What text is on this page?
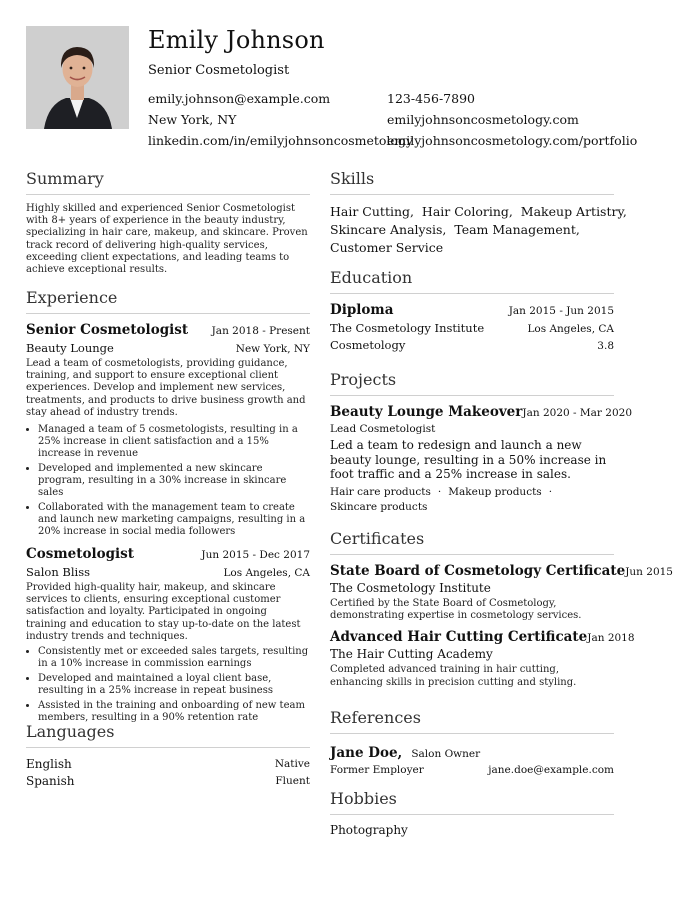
Emily Johnson
Senior Cosmetologist
emily.johnson@example.com	123-456-7890
New York, NY	emilyjohnsoncosmetology.com
linkedin.com/in/emilyjohnsoncosmetology
emilyjohnsoncosmetology.com/portfolio
Summary
Highly skilled and experienced Senior Cosmetologist with 8+ years of experience in the beauty industry, specializing in hair care, makeup, and skincare. Proven track record of delivering high-quality services, exceeding client expectations, and leading teams to achieve exceptional results.
Experience
Senior Cosmetologist Jan 2018 - Present
Beauty Lounge	New York, NY
Lead a team of cosmetologists, providing guidance, training, and support to ensure exceptional client experiences. Develop and implement new services, treatments, and products to drive business growth and stay ahead of industry trends.
• Managed a team of 5 cosmetologists, resulting in a 25% increase in client satisfaction and a 15% increase in revenue
• Developed and implemented a new skincare program, resulting in a 30% increase in skincare sales
• Collaborated with the management team to create and launch new marketing campaigns, resulting in a 20% increase in social media followers
Cosmetologist	Jun 2015 - Dec 2017
Salon Bliss	Los Angeles, CA
Provided high-quality hair, makeup, and skincare services to clients, ensuring exceptional customer satisfaction and loyalty. Participated in ongoing training and education to stay up-to-date on the latest industry trends and techniques.
• Consistently met or exceeded sales targets, resulting in a 10% increase in commission earnings
• Developed and maintained a loyal client base, resulting in a 25% increase in repeat business
• Assisted in the training and onboarding of new team members, resulting in a 90% retention rate
Languages
English	Native
Spanish	Fluent
Skills
Hair Cutting,  Hair Coloring,  Makeup Artistry,
Skincare Analysis,  Team Management,
Customer Service
Education
Diploma	Jan 2015 - Jun 2015
The Cosmetology Institute	Los Angeles, CA
Cosmetology	3.8
Projects
Beauty Lounge Makeover Jan 2020 - Mar 2020
Lead Cosmetologist
Led a team to redesign and launch a new beauty lounge, resulting in a 50% increase in foot traffic and a 25% increase in sales.
Hair care products · Makeup products ·
Skincare products
Certificates
State Board of Cosmetology Certificate Jun 2015
The Cosmetology Institute
Certified by the State Board of Cosmetology, demonstrating expertise in cosmetology services.
Advanced Hair Cutting Certificate Jan 2018
The Hair Cutting Academy
Completed advanced training in hair cutting, enhancing skills in precision cutting and styling.
References
Jane Doe, Salon Owner
Former Employer	jane.doe@example.com
Hobbies
Photography
